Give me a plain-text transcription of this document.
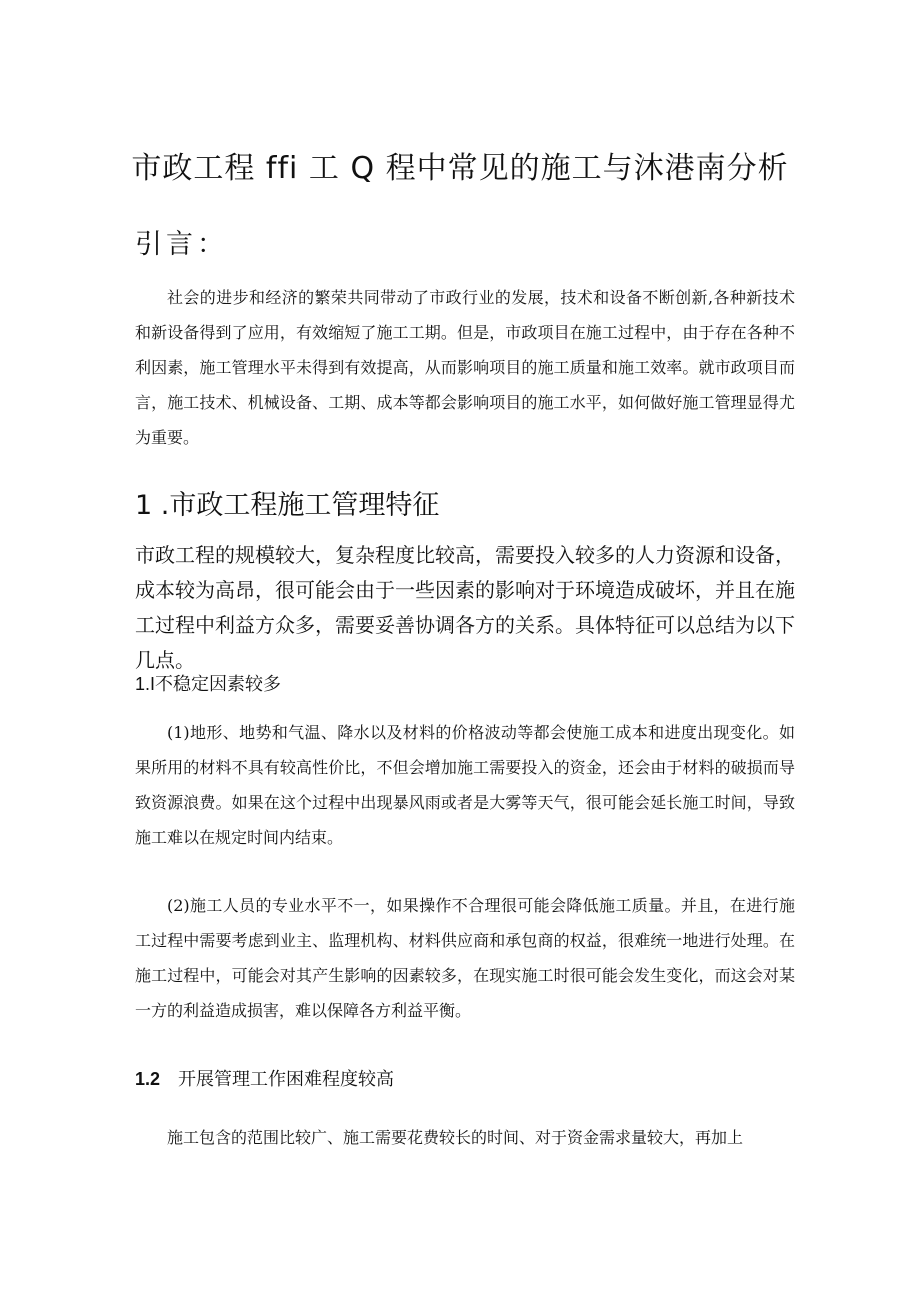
市政工程 ffi 工 Q 程中常见的施工与沐港南分析
引言：

社会的进步和经济的繁荣共同带动了市政行业的发展，技术和设备不断创新,各种新技术和新设备得到了应用，有效缩短了施工工期。但是，市政项目在施工过程中，由于存在各种不利因素，施工管理水平未得到有效提高，从而影响项目的施工质量和施工效率。就市政项目而言，施工技术、机械设备、工期、成本等都会影响项目的施工水平，如何做好施工管理显得尤为重要。

1 .市政工程施工管理特征

市政工程的规模较大，复杂程度比较高，需要投入较多的人力资源和设备，成本较为高昂，很可能会由于一些因素的影响对于环境造成破坏，并且在施工过程中利益方众多，需要妥善协调各方的关系。具体特征可以总结为以下几点。

1.I不稳定因素较多

(1)地形、地势和气温、降水以及材料的价格波动等都会使施工成本和进度出现变化。如果所用的材料不具有较高性价比，不但会增加施工需要投入的资金，还会由于材料的破损而导致资源浪费。如果在这个过程中出现暴风雨或者是大雾等天气，很可能会延长施工时间，导致施工难以在规定时间内结束。

(2)施工人员的专业水平不一，如果操作不合理很可能会降低施工质量。并且，在进行施工过程中需要考虑到业主、监理机构、材料供应商和承包商的权益，很难统一地进行处理。在施工过程中，可能会对其产生影响的因素较多，在现实施工时很可能会发生变化，而这会对某一方的利益造成损害，难以保障各方利益平衡。

1.2 开展管理工作困难程度较高

施工包含的范围比较广、施工需要花费较长的时间、对于资金需求量较大，再加上
